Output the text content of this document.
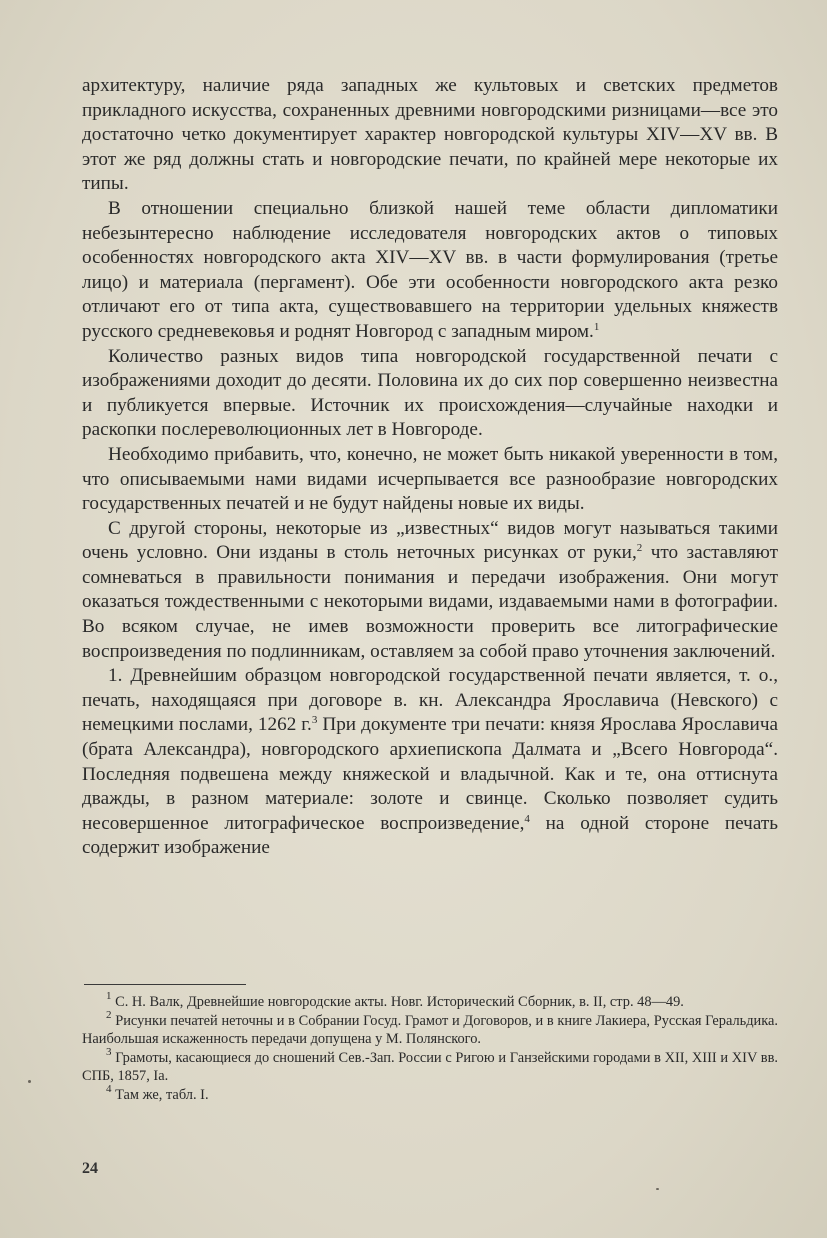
архитектуру, наличие ряда западных же культовых и светских предметов прикладного искусства, сохраненных древними новгородскими ризницами—все это достаточно четко документирует характер новгородской культуры XIV—XV вв. В этот же ряд должны стать и новгородские печати, по крайней мере некоторые их типы.

В отношении специально близкой нашей теме области дипломатики небезынтересно наблюдение исследователя новгородских актов о типовых особенностях новгородского акта XIV—XV вв. в части формулирования (третье лицо) и материала (пергамент). Обе эти особенности новгородского акта резко отличают его от типа акта, существовавшего на территории удельных княжеств русского средневековья и роднят Новгород с западным миром.$^1$

Количество разных видов типа новгородской государственной печати с изображениями доходит до десяти. Половина их до сих пор совершенно неизвестна и публикуется впервые. Источник их происхождения—случайные находки и раскопки послереволюционных лет в Новгороде.

Необходимо прибавить, что, конечно, не может быть никакой уверенности в том, что описываемыми нами видами исчерпывается все разнообразие новгородских государственных печатей и не будут найдены новые их виды.

С другой стороны, некоторые из „известных“ видов могут называться такими очень условно. Они изданы в столь неточных рисунках от руки,$^2$ что заставляют сомневаться в правильности понимания и передачи изображения. Они могут оказаться тождественными с некоторыми видами, издаваемыми нами в фотографии. Во всяком случае, не имев возможности проверить все литографические воспроизведения по подлинникам, оставляем за собой право уточнения заключений.

1. Древнейшим образцом новгородской государственной печати является, т. о., печать, находящаяся при договоре в. кн. Александра Ярославича (Невского) с немецкими послами, 1262 г.$^3$ При документе три печати: князя Ярослава Ярославича (брата Александра), новгородского архиепископа Далмата и „Всего Новгорода“. Последняя подвешена между княжеской и владычной. Как и те, она оттиснута дважды, в разном материале: золоте и свинце. Сколько позволяет судить несовершенное литографическое воспроизведение,$^4$ на одной стороне печать содержит изображение

$^1$ С. Н. Валк, Древнейшие новгородские акты. Новг. Исторический Сборник, в. II, стр. 48—49.

$^2$ Рисунки печатей неточны и в Собрании Госуд. Грамот и Договоров, и в книге Лакиера, Русская Геральдика. Наибольшая искаженность передачи допущена у М. Полянского.

$^3$ Грамоты, касающиеся до сношений Сев.-Зап. России с Ригою и Ганзейскими городами в XII, XIII и XIV вв. СПБ, 1857, Iа.

$^4$ Там же, табл. I.

24
